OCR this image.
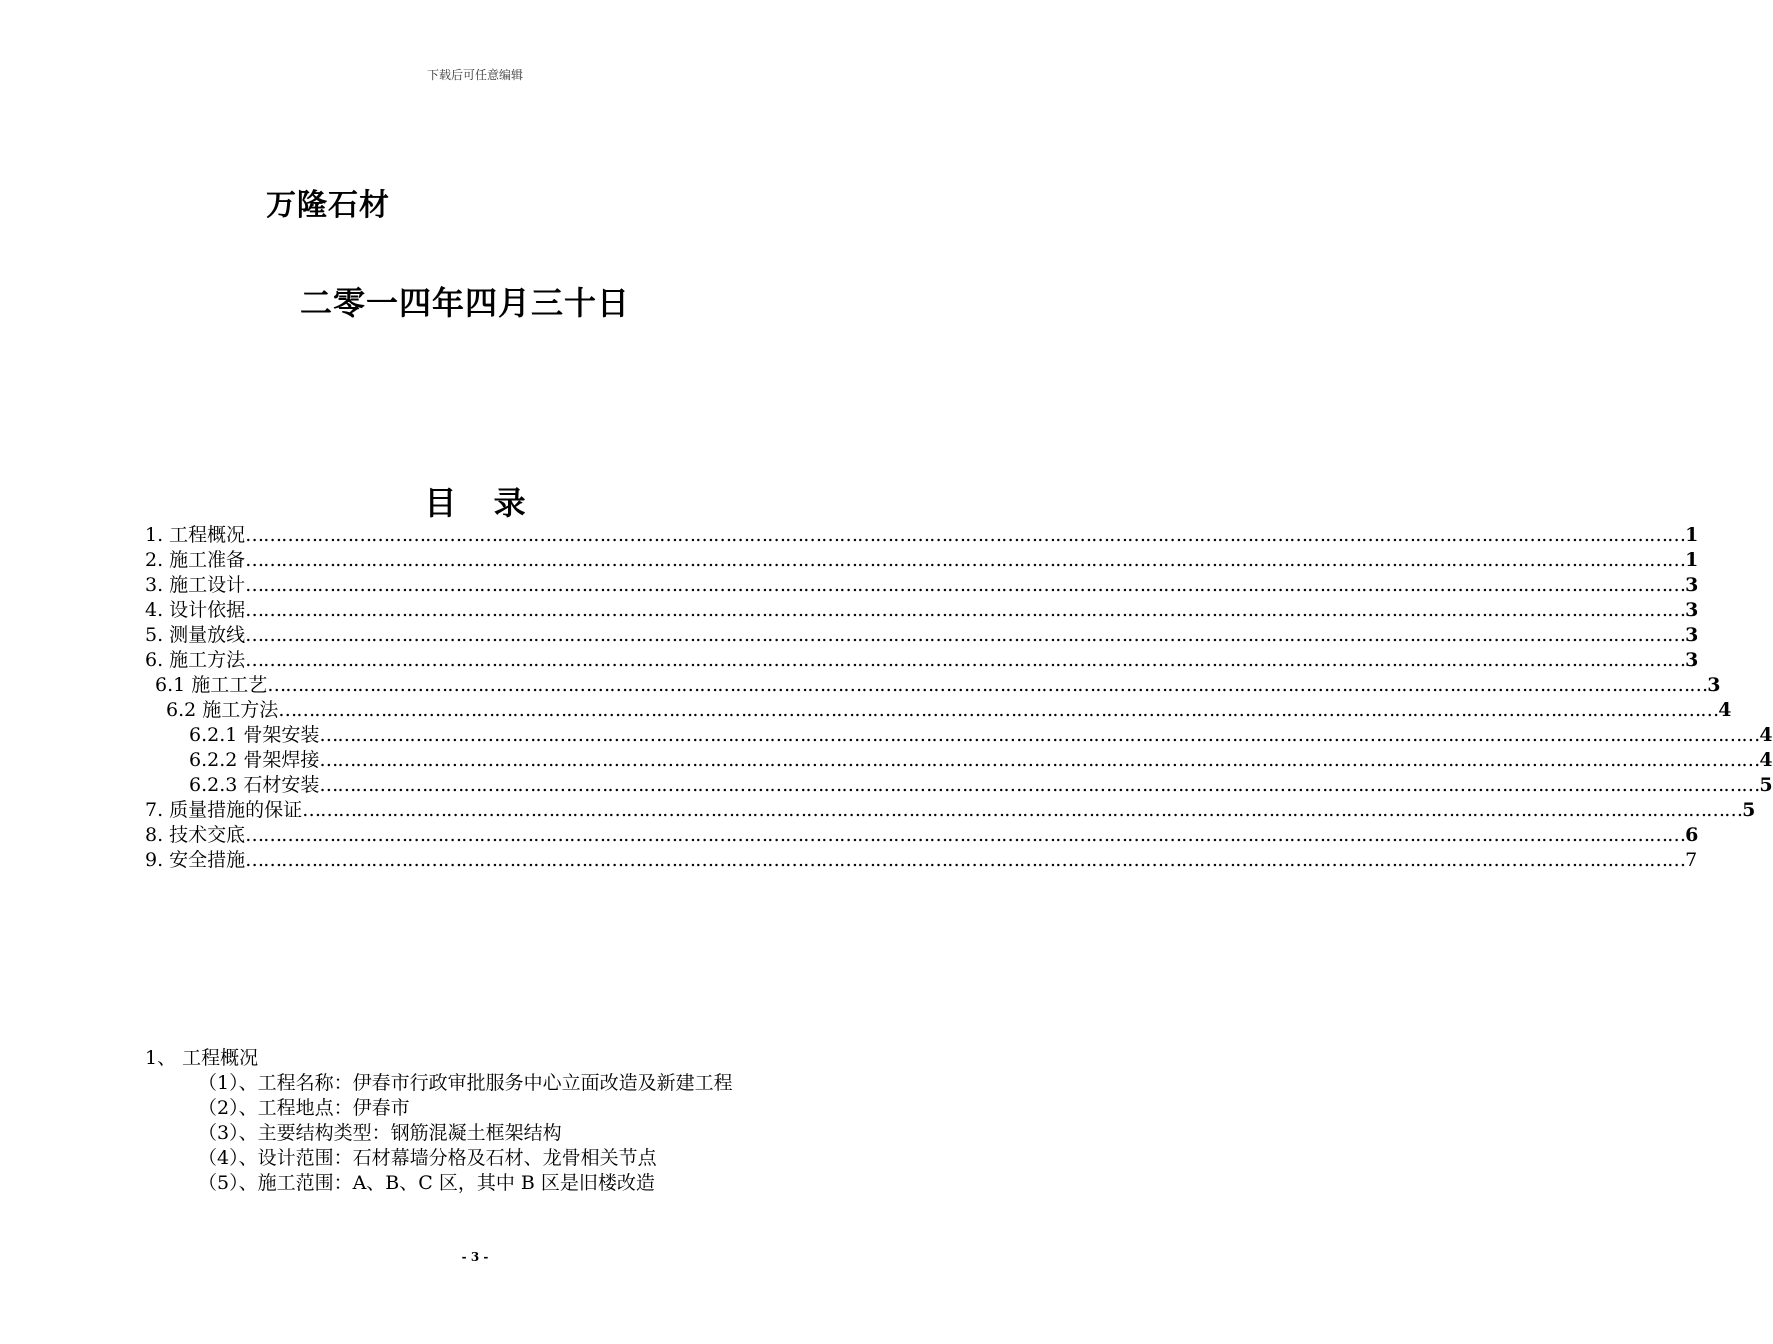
下载后可任意编辑
万隆石材
二零一四年四月三十日
目 录
1. 工程概况 …………………………………………………………………………………………………………………………………………………………………………………………………………………… 1
2. 施工准备 …………………………………………………………………………………………………………………………………………………………………………………………………………………… 1
3. 施工设计 …………………………………………………………………………………………………………………………………………………………………………………………………………………… 3
4. 设计依据 …………………………………………………………………………………………………………………………………………………………………………………………………………………… 3
5. 测量放线 …………………………………………………………………………………………………………………………………………………………………………………………………………………… 3
6. 施工方法 …………………………………………………………………………………………………………………………………………………………………………………………………………………… 3
6.1 施工工艺 …………………………………………………………………………………………………………………………………………………………………………………………………………………… 3
6.2 施工方法 …………………………………………………………………………………………………………………………………………………………………………………………………………………… 4
6.2.1 骨架安装 …………………………………………………………………………………………………………………………………………………………………………………………………………………… 4
6.2.2 骨架焊接 …………………………………………………………………………………………………………………………………………………………………………………………………………………… 4
6.2.3 石材安装 …………………………………………………………………………………………………………………………………………………………………………………………………………………… 5
7. 质量措施的保证 …………………………………………………………………………………………………………………………………………………………………………………………………………………… 5
8. 技术交底 …………………………………………………………………………………………………………………………………………………………………………………………………………………… 6
9. 安全措施 …………………………………………………………………………………………………………………………………………………………………………………………………………………… 7

1、 工程概况

（1）、工程名称：伊春市行政审批服务中心立面改造及新建工程

（2）、工程地点：伊春市

（3）、主要结构类型：钢筋混凝土框架结构

（4）、设计范围：石材幕墙分格及石材、龙骨相关节点

（5）、施工范围：A、B、C 区，其中 B 区是旧楼改造

- 3 -
